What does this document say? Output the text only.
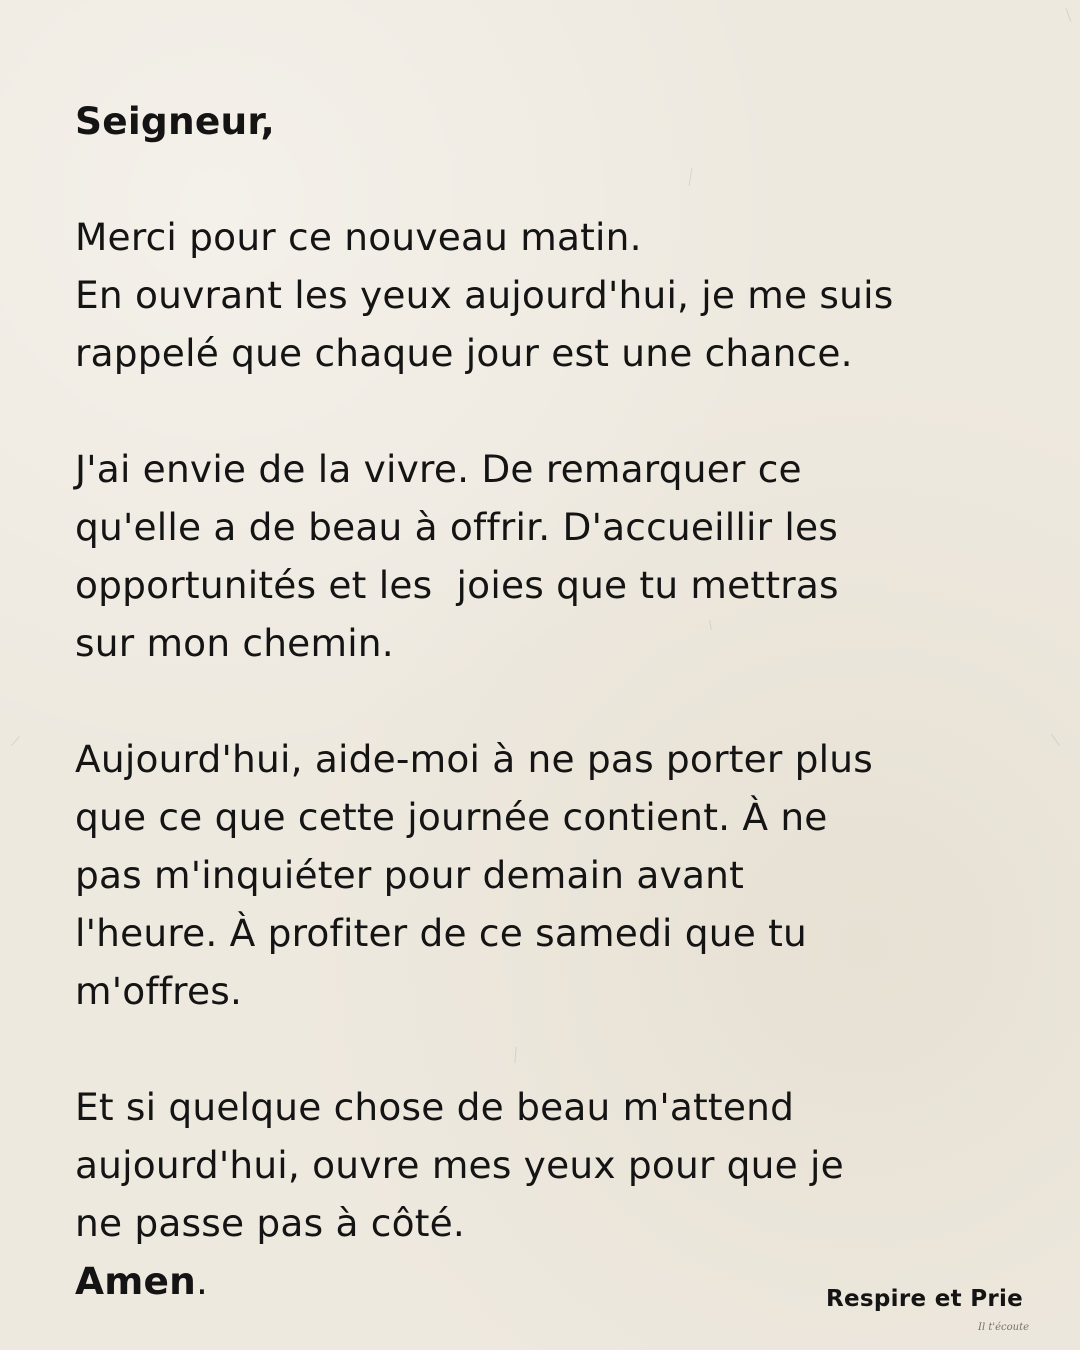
Seigneur,
Merci pour ce nouveau matin.
En ouvrant les yeux aujourd'hui, je me suis
rappelé que chaque jour est une chance.
J'ai envie de la vivre. De remarquer ce
qu'elle a de beau à offrir. D'accueillir les
opportunités et les  joies que tu mettras
sur mon chemin.
Aujourd'hui, aide-moi à ne pas porter plus
que ce que cette journée contient. À ne
pas m'inquiéter pour demain avant
l'heure. À profiter de ce samedi que tu
m'offres.
Et si quelque chose de beau m'attend
aujourd'hui, ouvre mes yeux pour que je
ne passe pas à côté.
Amen.	Respire et Prie
Il t'écoute
